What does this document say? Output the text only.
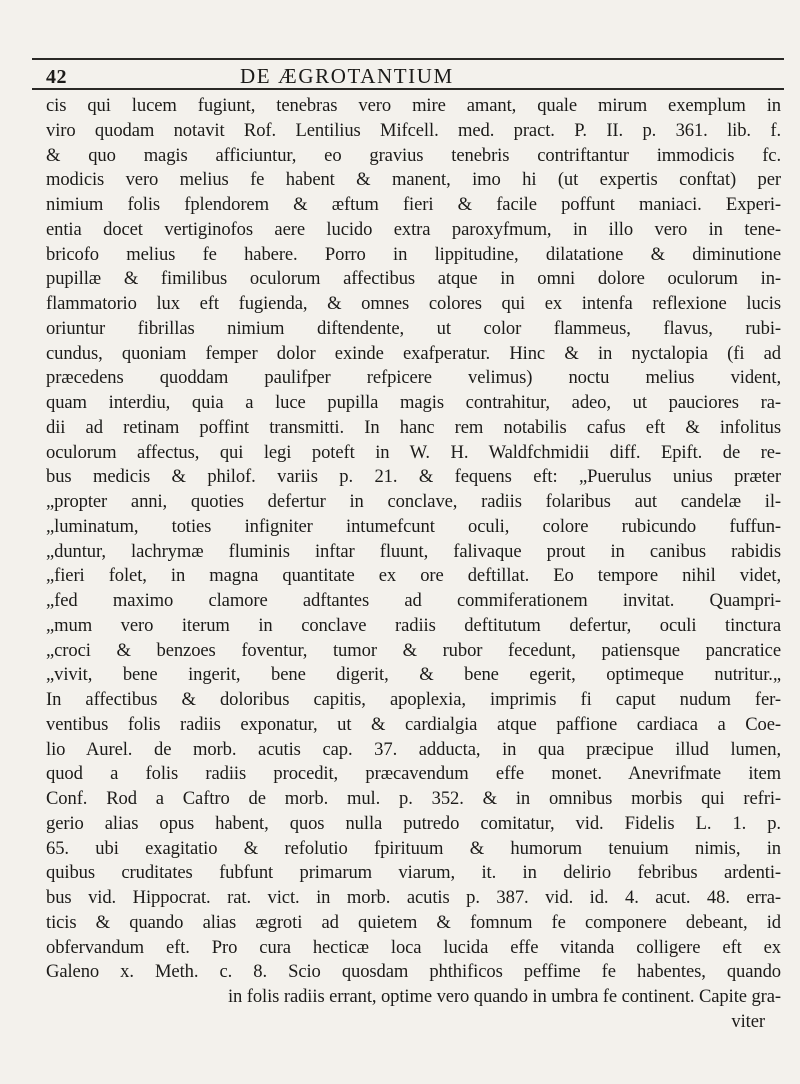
42	DE ÆGROTANTIUM
cis qui lucem fugiunt, tenebras vero mire amant, quale mirum exemplum in
viro quodam notavit Rof. Lentilius Mifcell. med. pract. P. II. p. 361. lib. f.
& quo magis afficiuntur, eo gravius tenebris contriftantur immodicis fc.
modicis vero melius fe habent & manent, imo hi (ut expertis conftat) per
nimium folis fplendorem & æftum fieri & facile poffunt maniaci. Experi-
entia docet vertiginofos aere lucido extra paroxyfmum, in illo vero in tene-
bricofo melius fe habere. Porro in lippitudine, dilatatione & diminutione
pupillæ & fimilibus oculorum affectibus atque in omni dolore oculorum in-
flammatorio lux eft fugienda, & omnes colores qui ex intenfa reflexione lucis
oriuntur fibrillas nimium diftendente, ut color flammeus, flavus, rubi-
cundus, quoniam femper dolor exinde exafperatur. Hinc & in nyctalopia (fi ad
præcedens quoddam paulifper refpicere velimus) noctu melius vident,
quam interdiu, quia a luce pupilla magis contrahitur, adeo, ut pauciores ra-
dii ad retinam poffint transmitti. In hanc rem notabilis cafus eft & infolitus
oculorum affectus, qui legi poteft in W. H. Waldfchmidii diff. Epift. de re-
bus medicis & philof. variis p. 21. & fequens eft: „Puerulus unius præter
„propter anni, quoties defertur in conclave, radiis folaribus aut candelæ il-
„luminatum, toties infigniter intumefcunt oculi, colore rubicundo fuffun-
„duntur, lachrymæ fluminis inftar fluunt, falivaque prout in canibus rabidis
„fieri folet, in magna quantitate ex ore deftillat. Eo tempore nihil videt,
„fed maximo clamore adftantes ad commiferationem invitat. Quampri-
„mum vero iterum in conclave radiis deftitutum defertur, oculi tinctura
„croci & benzoes foventur, tumor & rubor fecedunt, patiensque pancratice
„vivit, bene ingerit, bene digerit, & bene egerit, optimeque nutritur.„
In affectibus & doloribus capitis, apoplexia, imprimis fi caput nudum fer-
ventibus folis radiis exponatur, ut & cardialgia atque paffione cardiaca a Coe-
lio Aurel. de morb. acutis cap. 37. adducta, in qua præcipue illud lumen,
quod a folis radiis procedit, præcavendum effe monet. Anevrifmate item
Conf. Rod a Caftro de morb. mul. p. 352. & in omnibus morbis qui refri-
gerio alias opus habent, quos nulla putredo comitatur, vid. Fidelis L. 1. p.
65. ubi exagitatio & refolutio fpirituum & humorum tenuium nimis, in
quibus cruditates fubfunt primarum viarum, it. in delirio febribus ardenti-
bus vid. Hippocrat. rat. vict. in morb. acutis p. 387. vid. id. 4. acut. 48. erra-
ticis & quando alias ægroti ad quietem & fomnum fe componere debeant, id
obfervandum eft. Pro cura hecticæ loca lucida effe vitanda colligere eft ex
Galeno x. Meth. c. 8. Scio quosdam phthificos peffime fe habentes, quando
in folis radiis errant, optime vero quando in umbra fe continent. Capite gra-
viter
